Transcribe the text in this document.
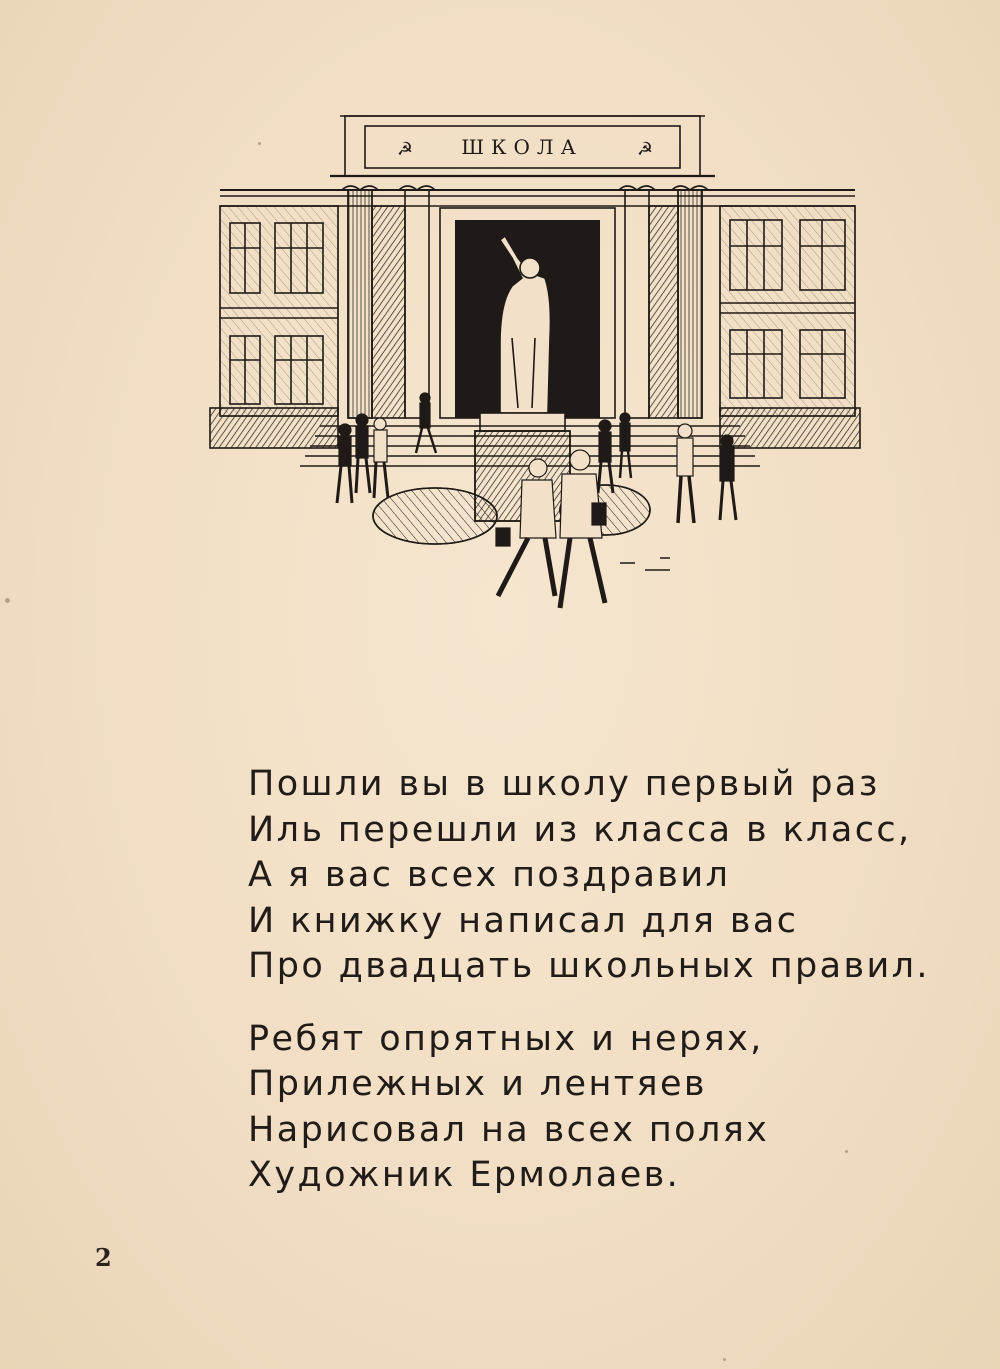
ШКОЛА
☭	☭
Пошли вы в школу первый раз
Иль перешли из класса в класс,
А я вас всех поздравил
И книжку написал для вас
Про двадцать школьных правил.
Ребят опрятных и нерях,
Прилежных и лентяев
Нарисовал на всех полях
Художник Ермолаев.
2
